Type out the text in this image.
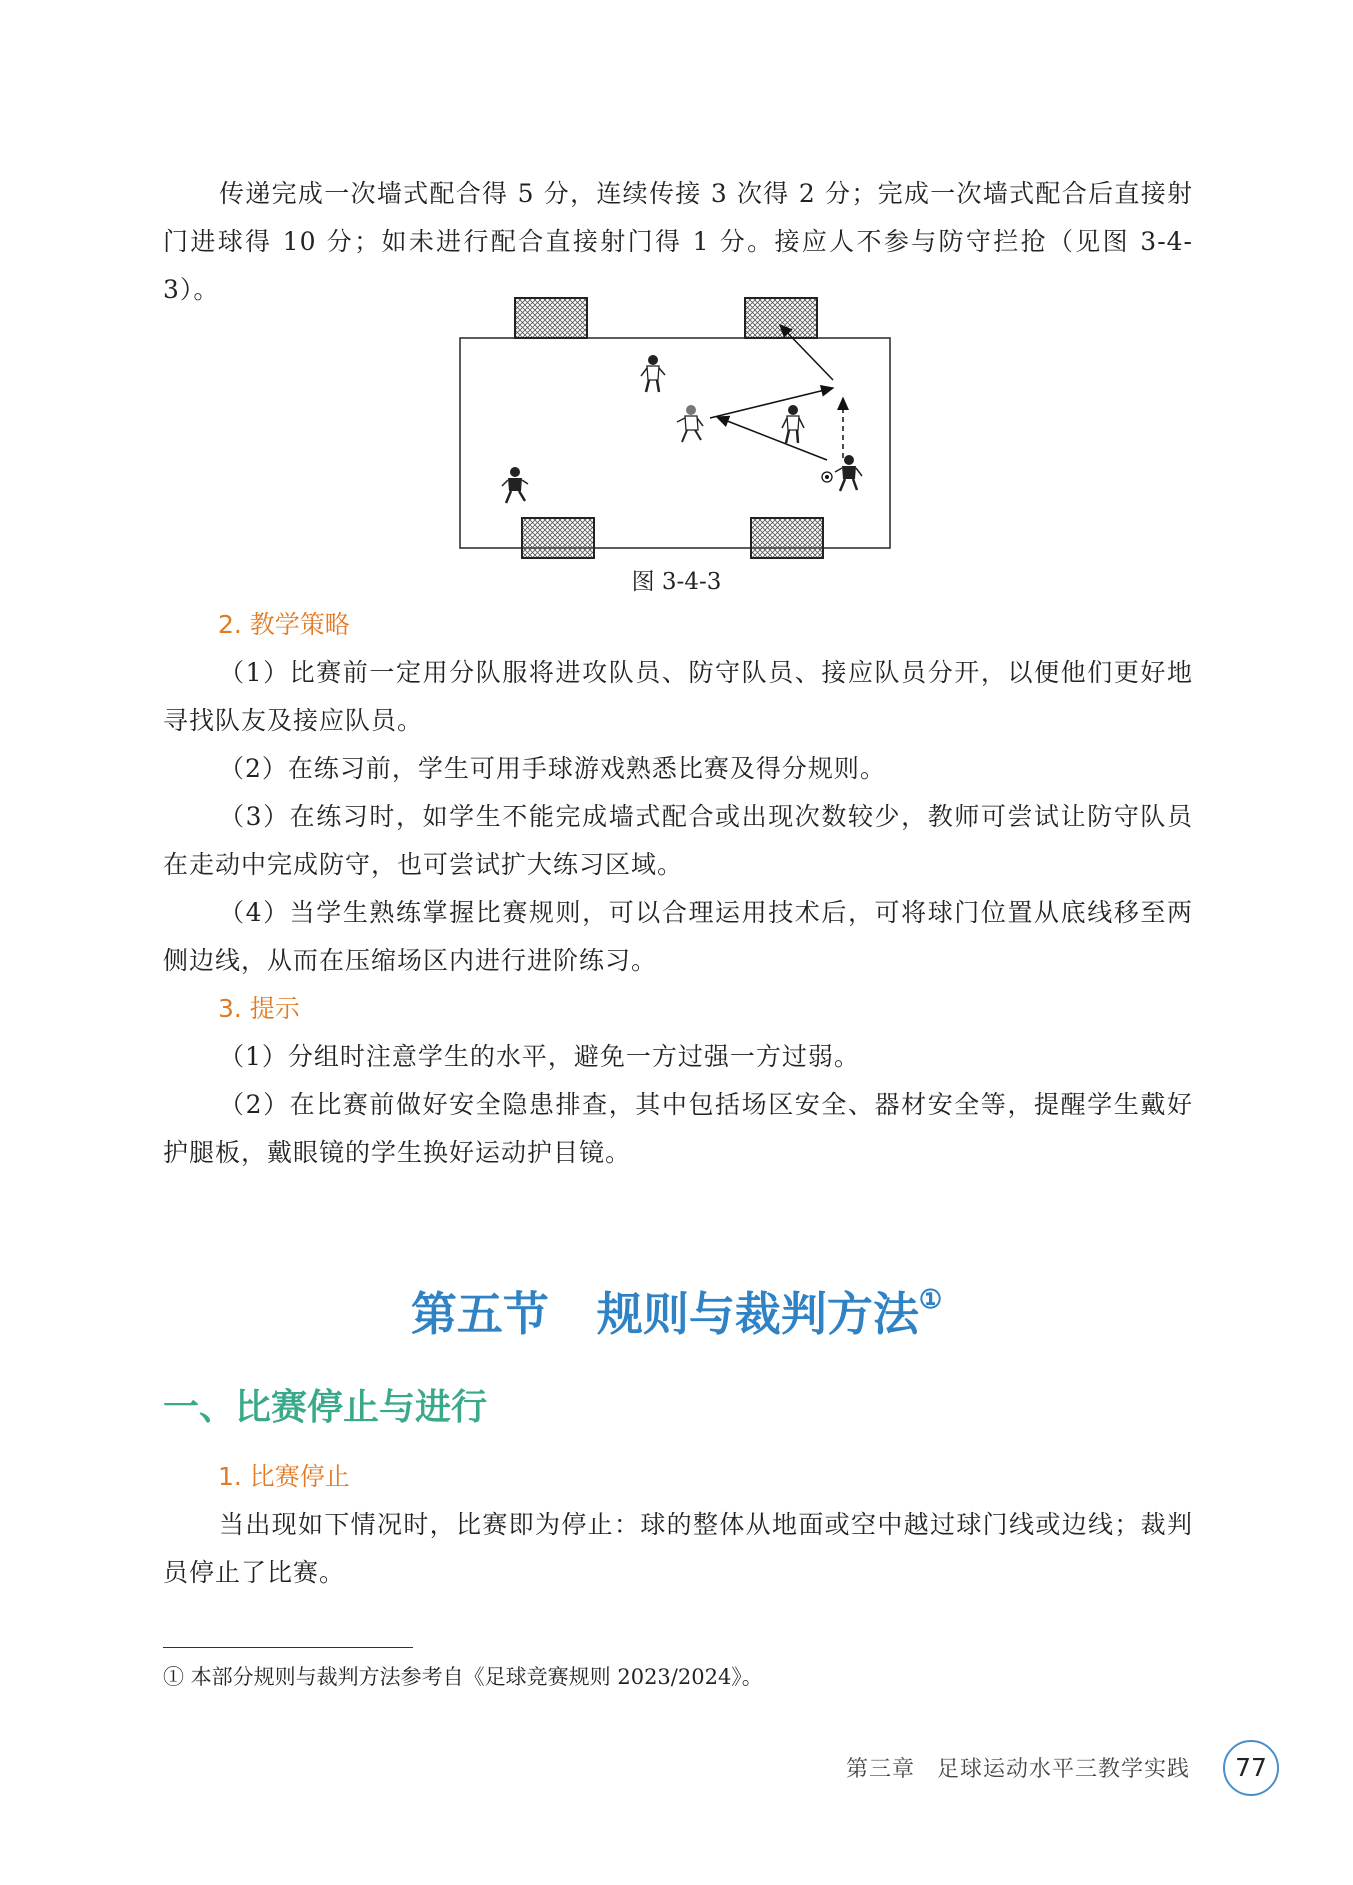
传递完成一次墙式配合得 5 分，连续传接 3 次得 2 分；完成一次墙式配合后直接射门进球得 10 分；如未进行配合直接射门得 1 分。接应人不参与防守拦抢（见图 3-4-3）。

图 3-4-3

2. 教学策略

（1）比赛前一定用分队服将进攻队员、防守队员、接应队员分开，以便他们更好地寻找队友及接应队员。

（2）在练习前，学生可用手球游戏熟悉比赛及得分规则。

（3）在练习时，如学生不能完成墙式配合或出现次数较少，教师可尝试让防守队员在走动中完成防守，也可尝试扩大练习区域。

（4）当学生熟练掌握比赛规则，可以合理运用技术后，可将球门位置从底线移至两侧边线，从而在压缩场区内进行进阶练习。

3. 提示

（1）分组时注意学生的水平，避免一方过强一方过弱。

（2）在比赛前做好安全隐患排查，其中包括场区安全、器材安全等，提醒学生戴好护腿板，戴眼镜的学生换好运动护目镜。

第五节 规则与裁判方法①

一、比赛停止与进行

1. 比赛停止

当出现如下情况时，比赛即为停止：球的整体从地面或空中越过球门线或边线；裁判员停止了比赛。

① 本部分规则与裁判方法参考自《足球竞赛规则 2023/2024》。
第三章 足球运动水平三教学实践	77
